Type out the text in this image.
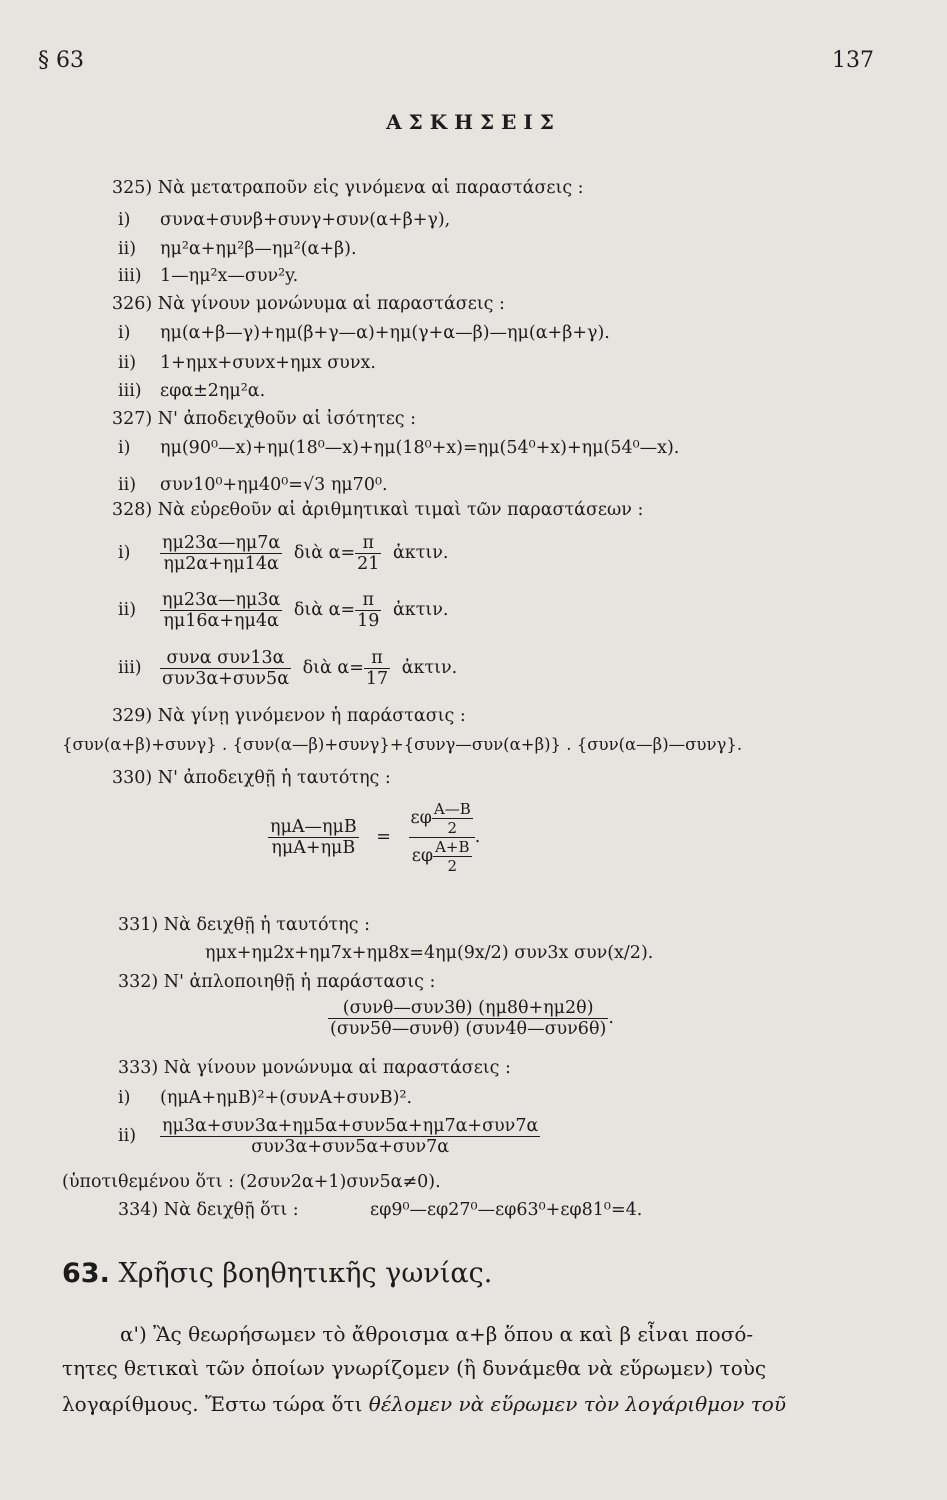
§ 63	137
ΑΣΚΗΣΕΙΣ
325) Νὰ μετατραποῦν εἰς γινόμενα αἱ παραστάσεις :
i) συνα+συνβ+συνγ+συν(α+β+γ),
ii) ημ²α+ημ²β—ημ²(α+β).
iii) 1—ημ²x—συν²y.
326) Νὰ γίνουν μονώνυμα αἱ παραστάσεις :
i) ημ(α+β—γ)+ημ(β+γ—α)+ημ(γ+α—β)—ημ(α+β+γ).
ii) 1+ημx+συνx+ημx συνx.
iii) εφα±2ημ²α.
327) Ν' ἀποδειχθοῦν αἱ ἰσότητες :
i) ημ(90⁰—x)+ημ(18⁰—x)+ημ(18⁰+x)=ημ(54⁰+x)+ημ(54⁰—x).
ii) συν10⁰+ημ40⁰=√3 ημ70⁰.
328) Νὰ εὑρεθοῦν αἱ ἀριθμητικαὶ τιμαὶ τῶν παραστάσεων :
$i) \frac{\eta\mu 23\alpha—\eta\mu 7\alpha}{\eta\mu 2\alpha+\eta\mu 14\alpha}$ διὰ $\alpha= \frac{\pi}{21}$ ἀκτιν.
$ii) \frac{\eta\mu 23\alpha—\eta\mu 3\alpha}{\eta\mu 16\alpha+\eta\mu 4\alpha}$ διὰ $\alpha= \frac{\pi}{19}$ ἀκτιν.
$iii) \frac{\text{συνα συν13α}}{\text{συν3α+συν5α}}$ διὰ $\alpha= \frac{\pi}{17}$ ἀκτιν.
329) Νὰ γίνῃ γινόμενον ἡ παράστασις :
{συν(α+β)+συνγ} . {συν(α—β)+συνγ}+{συνγ—συν(α+β)} . {συν(α—β)—συνγ}.
330) Ν' ἀποδειχθῇ ἡ ταυτότης :
$\frac{\text{ημA—ημB}}{\text{ημA+ημB}} = \frac{\varepsilon\varphi \frac{A—B}{2}}{\varepsilon\varphi \frac{A+B}{2}}$ .
331) Νὰ δειχθῇ ἡ ταυτότης :
ημx+ημ2x+ημ7x+ημ8x=4ημ(9x/2) συν3x συν(x/2).
332) Ν' ἁπλοποιηθῇ ἡ παράστασις :
$\frac{\text{(συνθ—συν3θ) (ημ8θ+ημ2θ)}}{\text{(συν5θ—συνθ) (συν4θ—συν6θ)}}$ .
333) Νὰ γίνουν μονώνυμα αἱ παραστάσεις :
i) (ημA+ημB)²+(συνA+συνB)².
$ii) \frac{\text{ημ3α+συν3α+ημ5α+συν5α+ημ7α+συν7α}}{\text{συν3α+συν5α+συν7α}}$
(ὑποτιθεμένου ὅτι : (2συν2α+1)συν5α≠0).
334) Νὰ δειχθῇ ὅτι :	εφ9⁰—εφ27⁰—εφ63⁰+εφ81⁰=4.
63. Χρῆσις βοηθητικῆς γωνίας.
α') Ἂς θεωρήσωμεν τὸ ἄθροισμα α+β ὅπου α καὶ β εἶναι ποσό-
τητες θετικαὶ τῶν ὁποίων γνωρίζομεν (ἢ δυνάμεθα νὰ εὕρωμεν) τοὺς
λογαρίθμους. Ἔστω τώρα ὅτι θέλομεν νὰ εὕρωμεν τὸν λογάριθμον τοῦ
